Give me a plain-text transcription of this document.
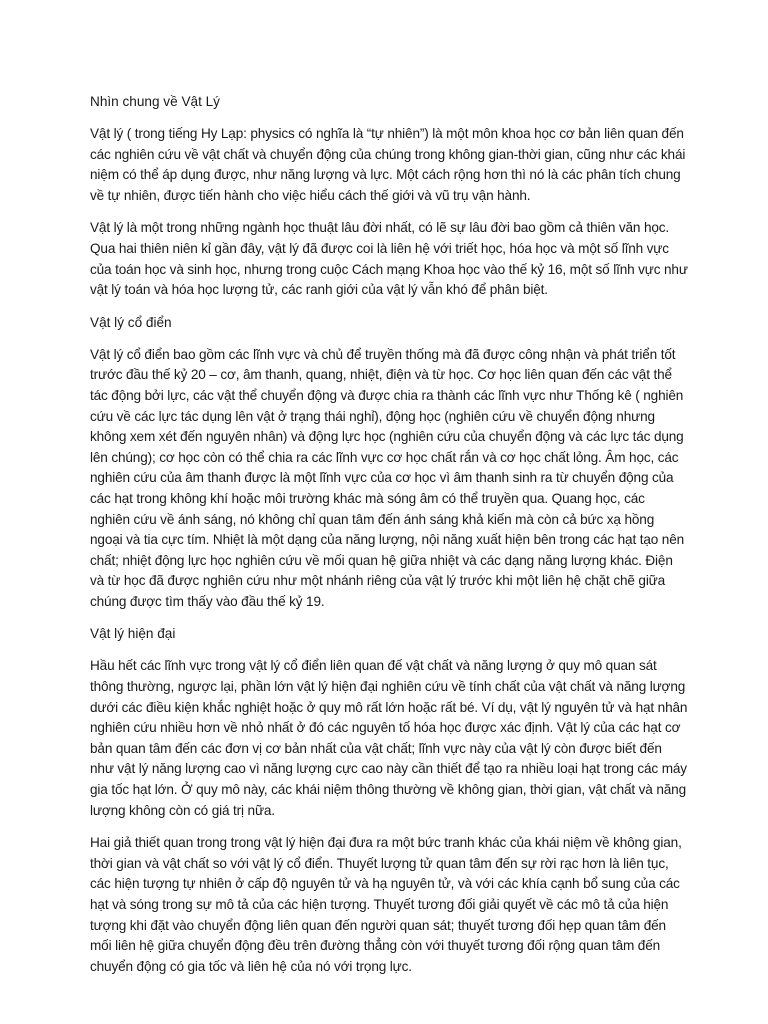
Nhìn chung về Vật Lý

Vật lý ( trong tiếng Hy Lạp: physics có nghĩa là “tự nhiên”) là một môn khoa học cơ bản liên quan đến các nghiên cứu về vật chất và chuyển động của chúng trong không gian-thời gian, cũng như các khái niệm có thể áp dụng được, như năng lượng và lực. Một cách rộng hơn thì nó là các phân tích chung về tự nhiên, được tiến hành cho việc hiểu cách thế giới và vũ trụ vận hành.

Vật lý là một trong những ngành học thuật lâu đời nhất, có lẽ sự lâu đời bao gồm cả thiên văn học. Qua hai thiên niên kỉ gần đây, vật lý đã được coi là liên hệ với triết học, hóa học và một số lĩnh vực của toán học và sinh học, nhưng trong cuộc Cách mạng Khoa học vào thế kỷ 16, một số lĩnh vực như vật lý toán và hóa học lượng tử, các ranh giới của vật lý vẫn khó để phân biệt.

Vật lý cổ điển

Vật lý cổ điển bao gồm các lĩnh vực và chủ để truyền thống mà đã được công nhận và phát triển tốt trước đầu thế kỷ 20 – cơ, âm thanh, quang, nhiệt, điện và từ học. Cơ học liên quan đến các vật thể tác động bởi lực, các vật thể chuyển động và được chia ra thành các lĩnh vực như Thống kê ( nghiên cứu về các lực tác dụng lên vật ở trạng thái nghỉ), động học (nghiên cứu về chuyển động nhưng không xem xét đến nguyên nhân) và động lực học (nghiên cứu của chuyển động và các lực tác dụng lên chúng); cơ học còn có thể chia ra các lĩnh vực cơ học chất rắn và cơ học chất lỏng. Âm học, các nghiên cứu của âm thanh được là một lĩnh vực của cơ học vì âm thanh sinh ra từ chuyển động của các hạt trong không khí hoặc môi trường khác mà sóng âm có thể truyền qua. Quang học, các nghiên cứu về ánh sáng, nó không chỉ quan tâm đến ánh sáng khả kiến mà còn cả bức xạ hồng ngoại và tia cực tím. Nhiệt là một dạng của năng lượng, nội năng xuất hiện bên trong các hạt tạo nên chất; nhiệt động lực học nghiên cứu về mối quan hệ giữa nhiệt và các dạng năng lượng khác. Điện và từ học đã được nghiên cứu như một nhánh riêng của vật lý trước khi một liên hệ chặt chẽ giữa chúng được tìm thấy vào đầu thế kỷ 19.

Vật lý hiện đại

Hầu hết các lĩnh vực trong vật lý cổ điển liên quan đế vật chất và năng lượng ở quy mô quan sát thông thường, ngược lại, phần lớn vật lý hiện đại nghiên cứu về tính chất của vật chất và năng lượng dưới các điều kiện khắc nghiệt hoặc ở quy mô rất lớn hoặc rất bé. Ví dụ, vật lý nguyên tử và hạt nhân nghiên cứu nhiều hơn về nhỏ nhất ở đó các nguyên tố hóa học được xác định. Vật lý của các hạt cơ bản quan tâm đến các đơn vị cơ bản nhất của vật chất; lĩnh vực này của vật lý còn được biết đến như vật lý năng lượng cao vì năng lượng cực cao này cần thiết để tạo ra nhiều loại hạt trong các máy gia tốc hạt lớn. Ở quy mô này, các khái niệm thông thường về không gian, thời gian, vật chất và năng lượng không còn có giá trị nữa.

Hai giả thiết quan trong trong vật lý hiện đại đưa ra một bức tranh khác của khái niệm về không gian, thời gian và vật chất so với vật lý cổ điển. Thuyết lượng tử quan tâm đến sự rời rạc hơn là liên tục, các hiện tượng tự nhiên ở cấp độ nguyên tử và hạ nguyên tử, và với các khía cạnh bổ sung của các hạt và sóng trong sự mô tả của các hiện tượng. Thuyết tương đối giải quyết về các mô tả của hiện tượng khi đặt vào chuyển động liên quan đến người quan sát; thuyết tương đối hẹp quan tâm đến mối liên hệ giữa chuyển động đều trên đường thẳng còn với thuyết tương đối rộng quan tâm đến chuyển động có gia tốc và liên hệ của nó với trọng lực.
